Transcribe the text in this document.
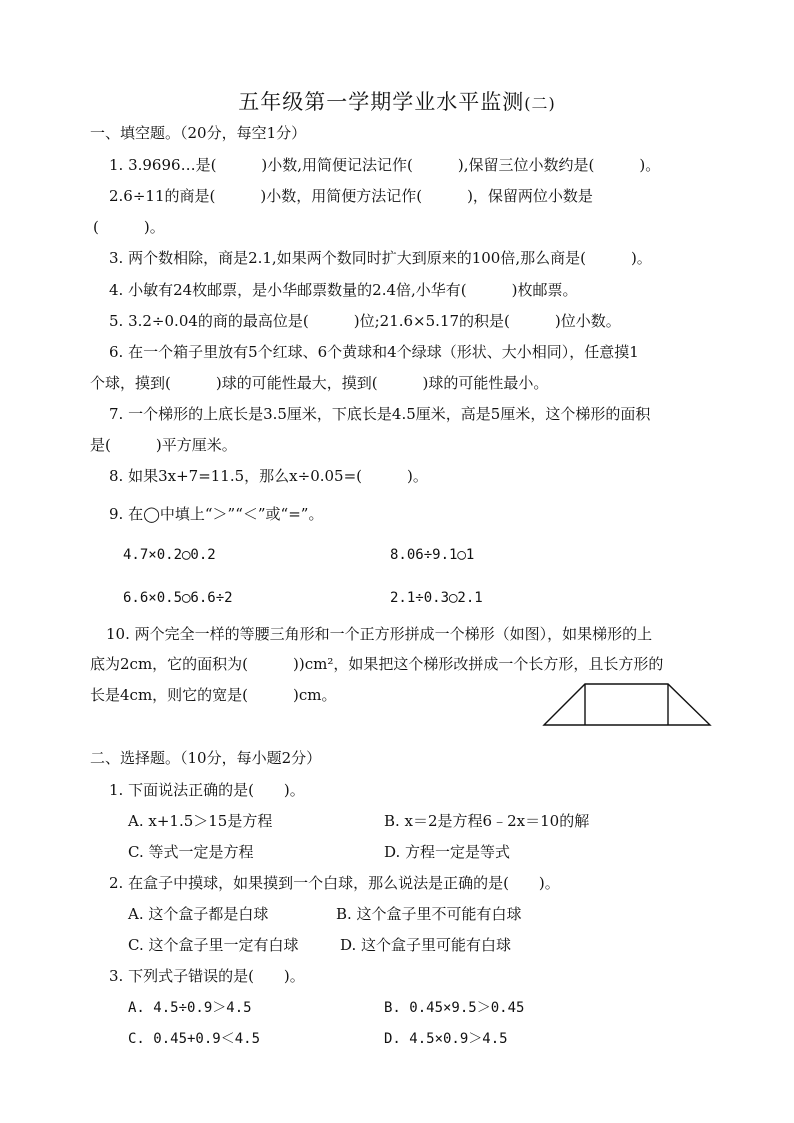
五年级第一学期学业水平监测(二)
一、填空题。（20分，每空1分）
1. 3.9696…是(　　　)小数,用简便记法记作(　　　),保留三位小数约是(　　　)。
2.6÷11的商是(　　　)小数，用简便方法记作(　　　)，保留两位小数是
(　　　)。
3. 两个数相除，商是2.1,如果两个数同时扩大到原来的100倍,那么商是(　　　)。
4. 小敏有24枚邮票，是小华邮票数量的2.4倍,小华有(　　　)枚邮票。
5. 3.2÷0.04的商的最高位是(　　　)位;21.6×5.17的积是(　　　)位小数。
6. 在一个箱子里放有5个红球、6个黄球和4个绿球（形状、大小相同），任意摸1
个球，摸到(　　　)球的可能性最大，摸到(　　　)球的可能性最小。
7. 一个梯形的上底长是3.5厘米，下底长是4.5厘米，高是5厘米，这个梯形的面积
是(　　　)平方厘米。
8. 如果3x+7=11.5，那么x÷0.05=(　　　)。
9. 在◯中填上“＞”“＜”或“=”。
4.7×0.2◯0.2	8.06÷9.1◯1
6.6×0.5◯6.6÷2	2.1÷0.3◯2.1
10. 两个完全一样的等腰三角形和一个正方形拼成一个梯形（如图），如果梯形的上
底为2cm，它的面积为(　　　))cm²，如果把这个梯形改拼成一个长方形，且长方形的
长是4cm，则它的宽是(　　　)cm。
二、选择题。（10分，每小题2分）
1. 下面说法正确的是(　　)。
A. x+1.5＞15是方程	B. x＝2是方程6﹣2x＝10的解
C. 等式一定是方程	D. 方程一定是等式
2. 在盒子中摸球，如果摸到一个白球，那么说法是正确的是(　　)。
A. 这个盒子都是白球	B. 这个盒子里不可能有白球
C. 这个盒子里一定有白球	D. 这个盒子里可能有白球
3. 下列式子错误的是(　　)。
A. 4.5÷0.9＞4.5	B. 0.45×9.5＞0.45
C. 0.45+0.9＜4.5	D. 4.5×0.9＞4.5
